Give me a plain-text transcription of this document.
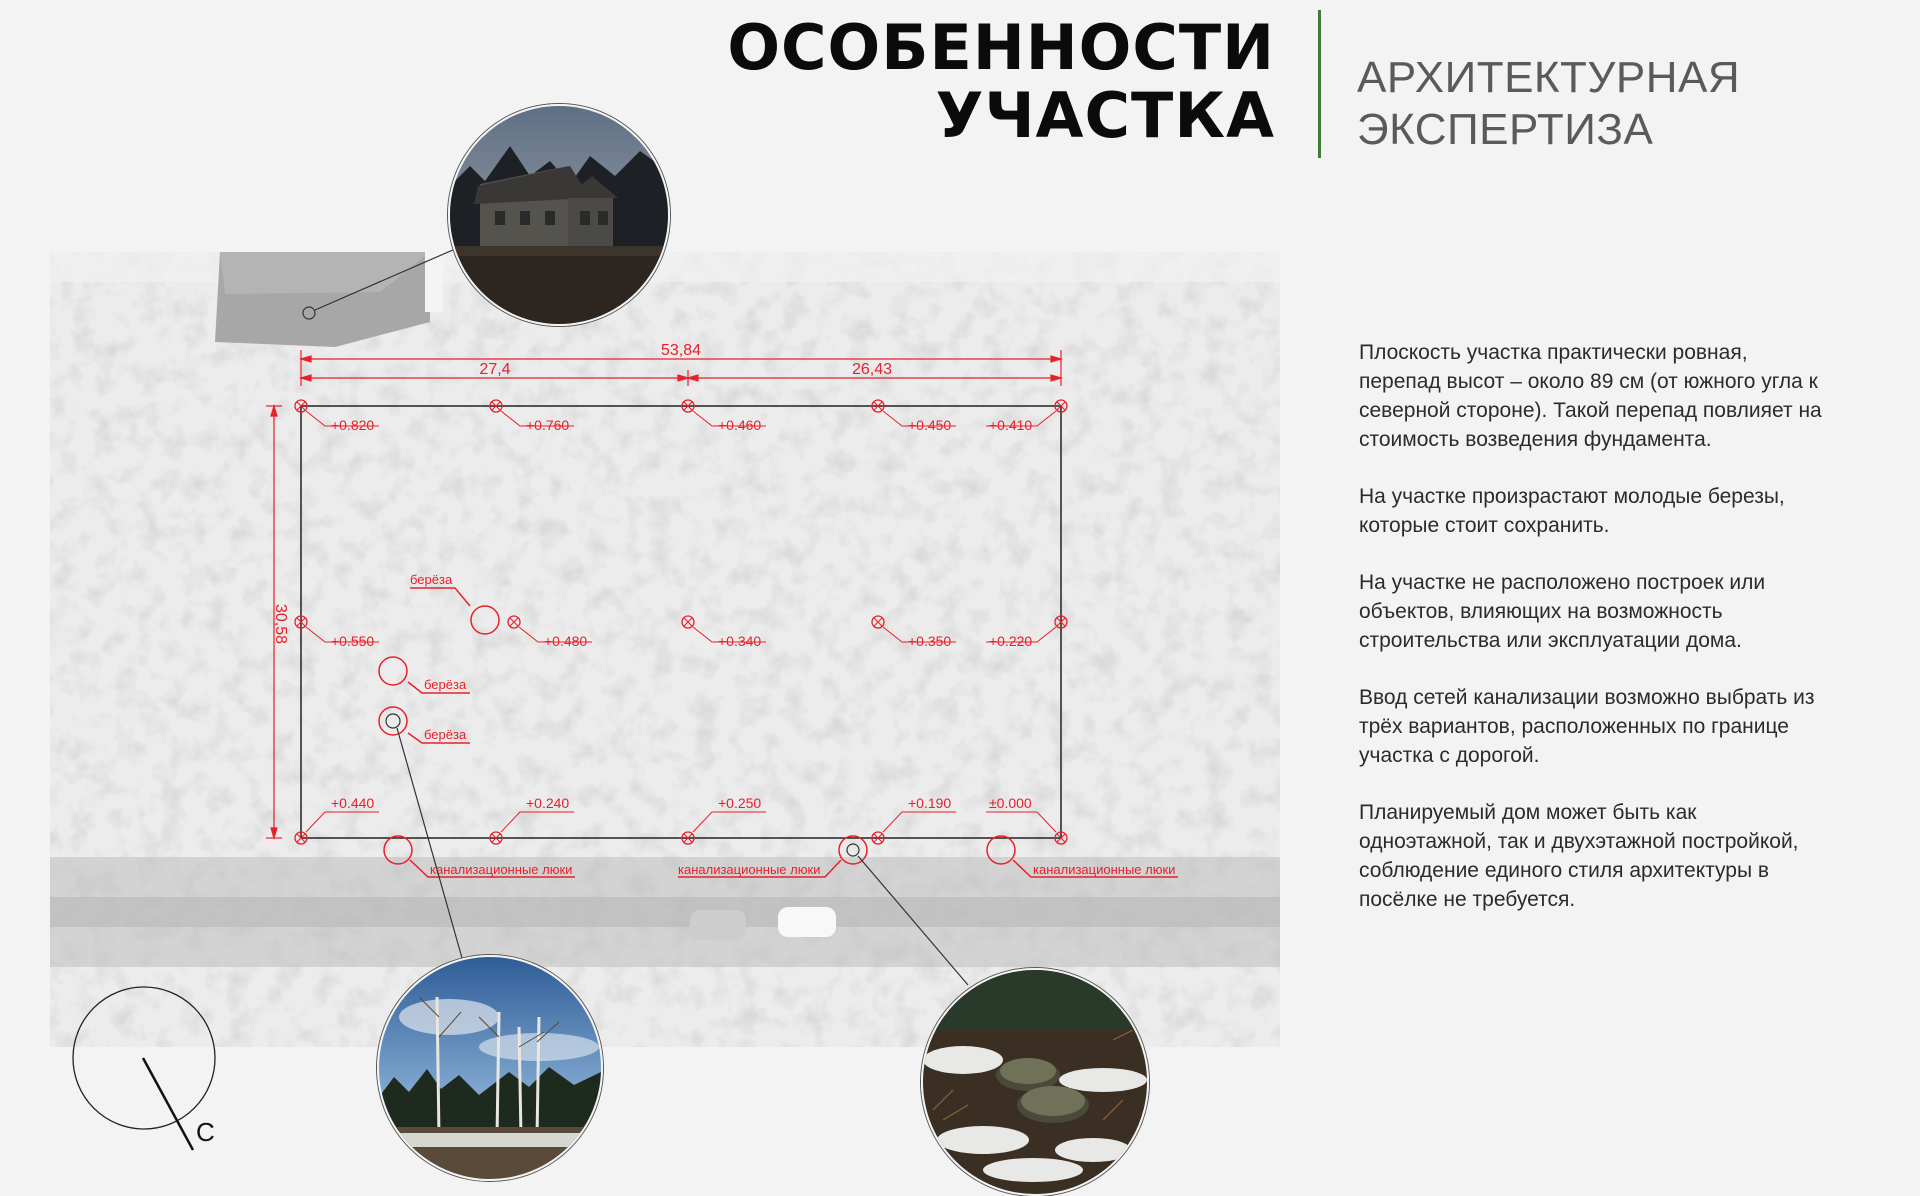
ОСОБЕННОСТИ
УЧАСТКА
АРХИТЕКТУРНАЯ
ЭКСПЕРТИЗА

Плоскость участка практически ровная, перепад высот – около 89 см (от южного угла к северной стороне). Такой перепад повлияет на стоимость возведения фундамента.

На участке произрастают молодые березы, которые стоит сохранить.

На участке не расположено построек или объектов, влияющих на возможность строительства или эксплуатации дома.

Ввод сетей канализации возможно выбрать из трёх вариантов, расположенных по границе участка с дорогой.

Планируемый дом может быть как одноэтажной, так и двухэтажной постройкой, соблюдение единого стиля архитектуры в посёлке не требуется.

53,84
27,4	26,43
30,58
+0.820	+0.760	+0.460	+0.450	+0.410
+0.550	+0.480	+0.340	+0.350	+0.220
+0.440	+0.240	+0.250	+0.190	±0.000
берёза
берёза
берёза
канализационные люки	канализационные люки	канализационные люки
С
